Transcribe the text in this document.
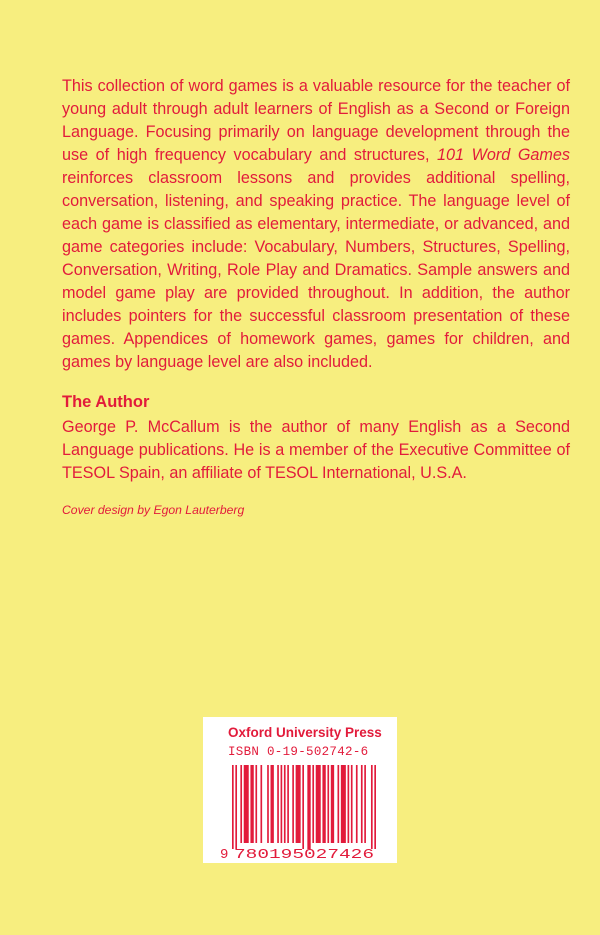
This collection of word games is a valuable resource for the teacher of young adult through adult learners of English as a Second or Foreign Language. Focusing primarily on language development through the use of high frequency vocabulary and structures, 101 Word Games reinforces classroom lessons and provides additional spelling, conversation, listening, and speaking practice. The language level of each game is classified as elementary, intermediate, or advanced, and game categories include: Vocabulary, Numbers, Structures, Spelling, Conversation, Writing, Role Play and Dramatics. Sample answers and model game play are provided throughout. In addition, the author includes pointers for the successful classroom presentation of these games. Appendices of homework games, games for children, and games by language level are also included.

The Author

George P. McCallum is the author of many English as a Second Language publications. He is a member of the Executive Committee of TESOL Spain, an affiliate of TESOL International, U.S.A.

Cover design by Egon Lauterberg
Oxford University Press
ISBN 0-19-502742-6
9 780195027426
